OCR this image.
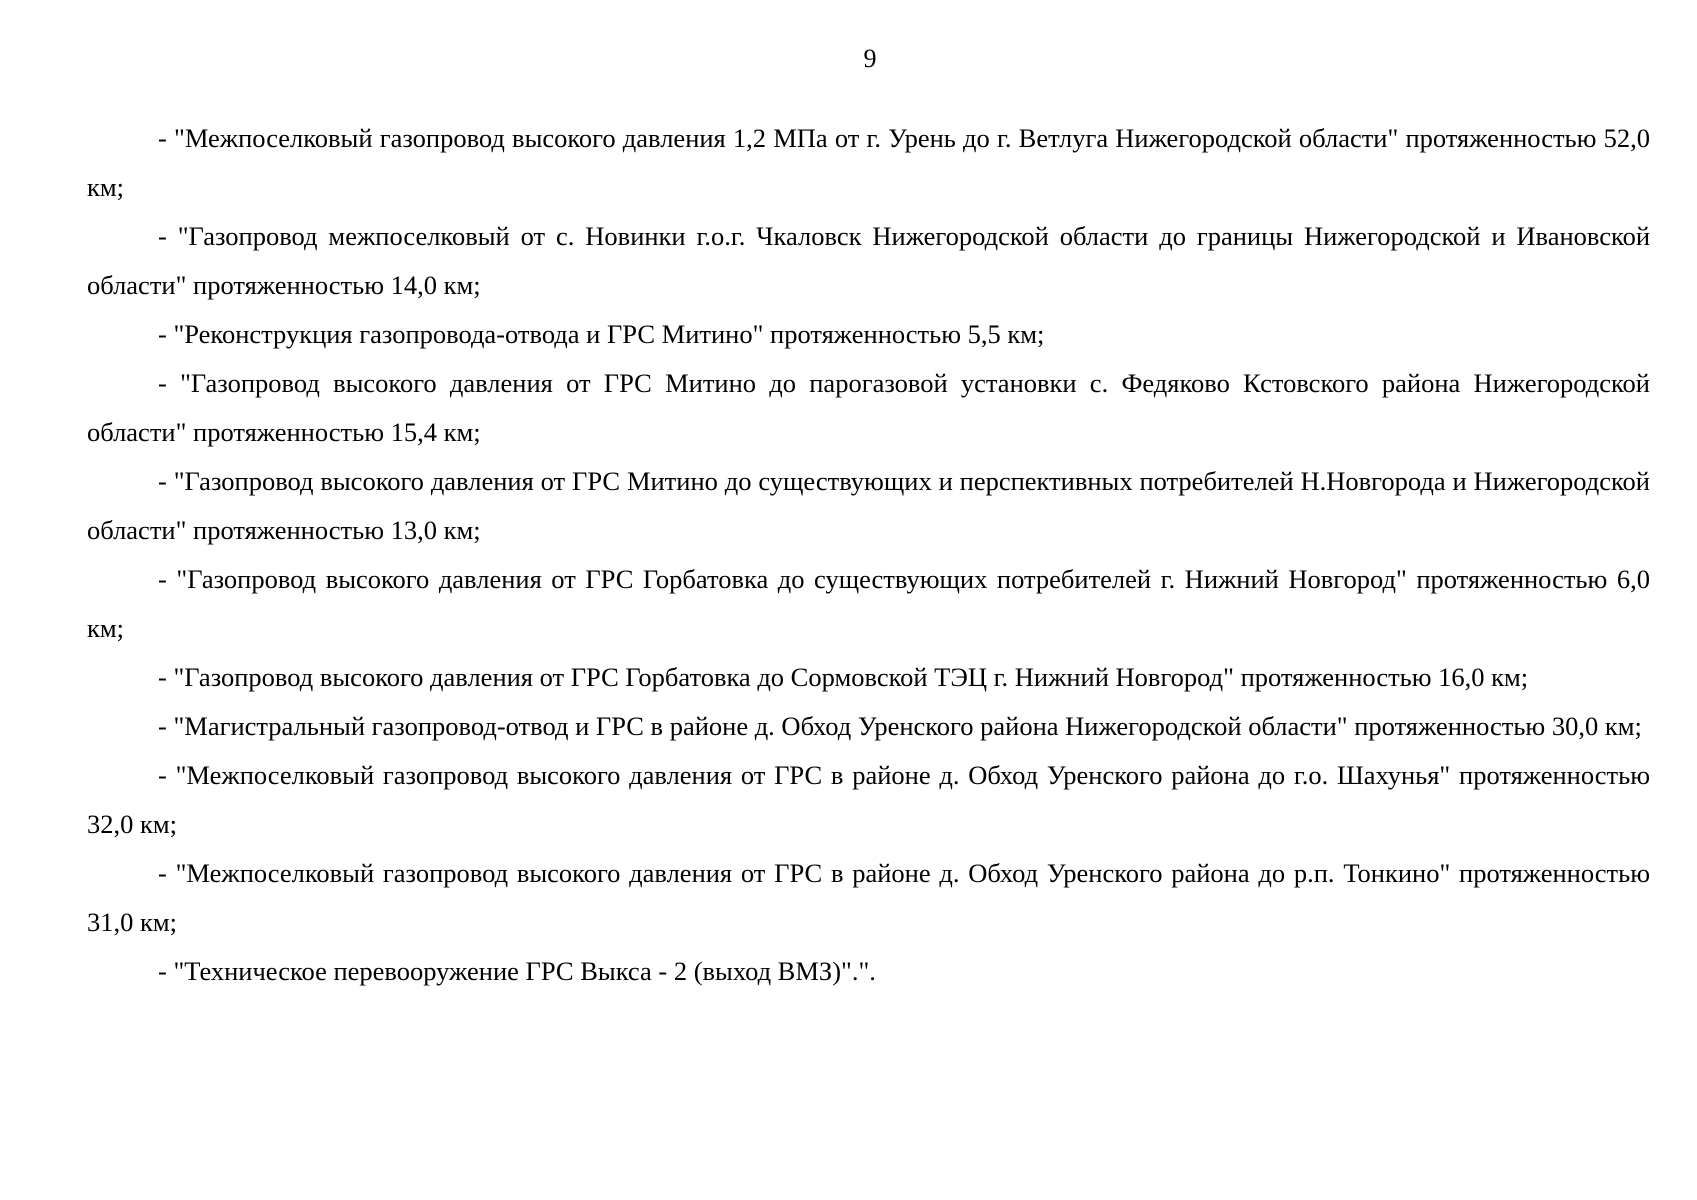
9

- "Межпоселковый газопровод высокого давления 1,2 МПа от г. Урень до г. Ветлуга Нижегородской области" протяженностью 52,0 км;

- "Газопровод межпоселковый от с. Новинки г.о.г. Чкаловск Нижегородской области до границы Нижегородской и Ивановской области" протяженностью 14,0 км;

- "Реконструкция газопровода-отвода и ГРС Митино" протяженностью 5,5 км;

- "Газопровод высокого давления от ГРС Митино до парогазовой установки с. Федяково Кстовского района Нижегородской области" протяженностью 15,4 км;

- "Газопровод высокого давления от ГРС Митино до существующих и перспективных потребителей Н.Новгорода и Нижегородской области" протяженностью 13,0 км;

- "Газопровод высокого давления от ГРС Горбатовка до существующих потребителей г. Нижний Новгород" протяженностью 6,0 км;

- "Газопровод высокого давления от ГРС Горбатовка до Сормовской ТЭЦ г. Нижний Новгород" протяженностью 16,0 км;

- "Магистральный газопровод-отвод и ГРС в районе д. Обход Уренского района Нижегородской области" протяженностью 30,0 км;

- "Межпоселковый газопровод высокого давления от ГРС в районе д. Обход Уренского района до г.о. Шахунья" протяженностью 32,0 км;

- "Межпоселковый газопровод высокого давления от ГРС в районе д. Обход Уренского района до р.п. Тонкино" протяженностью 31,0 км;

- "Техническое перевооружение ГРС Выкса - 2 (выход ВМЗ)".".
